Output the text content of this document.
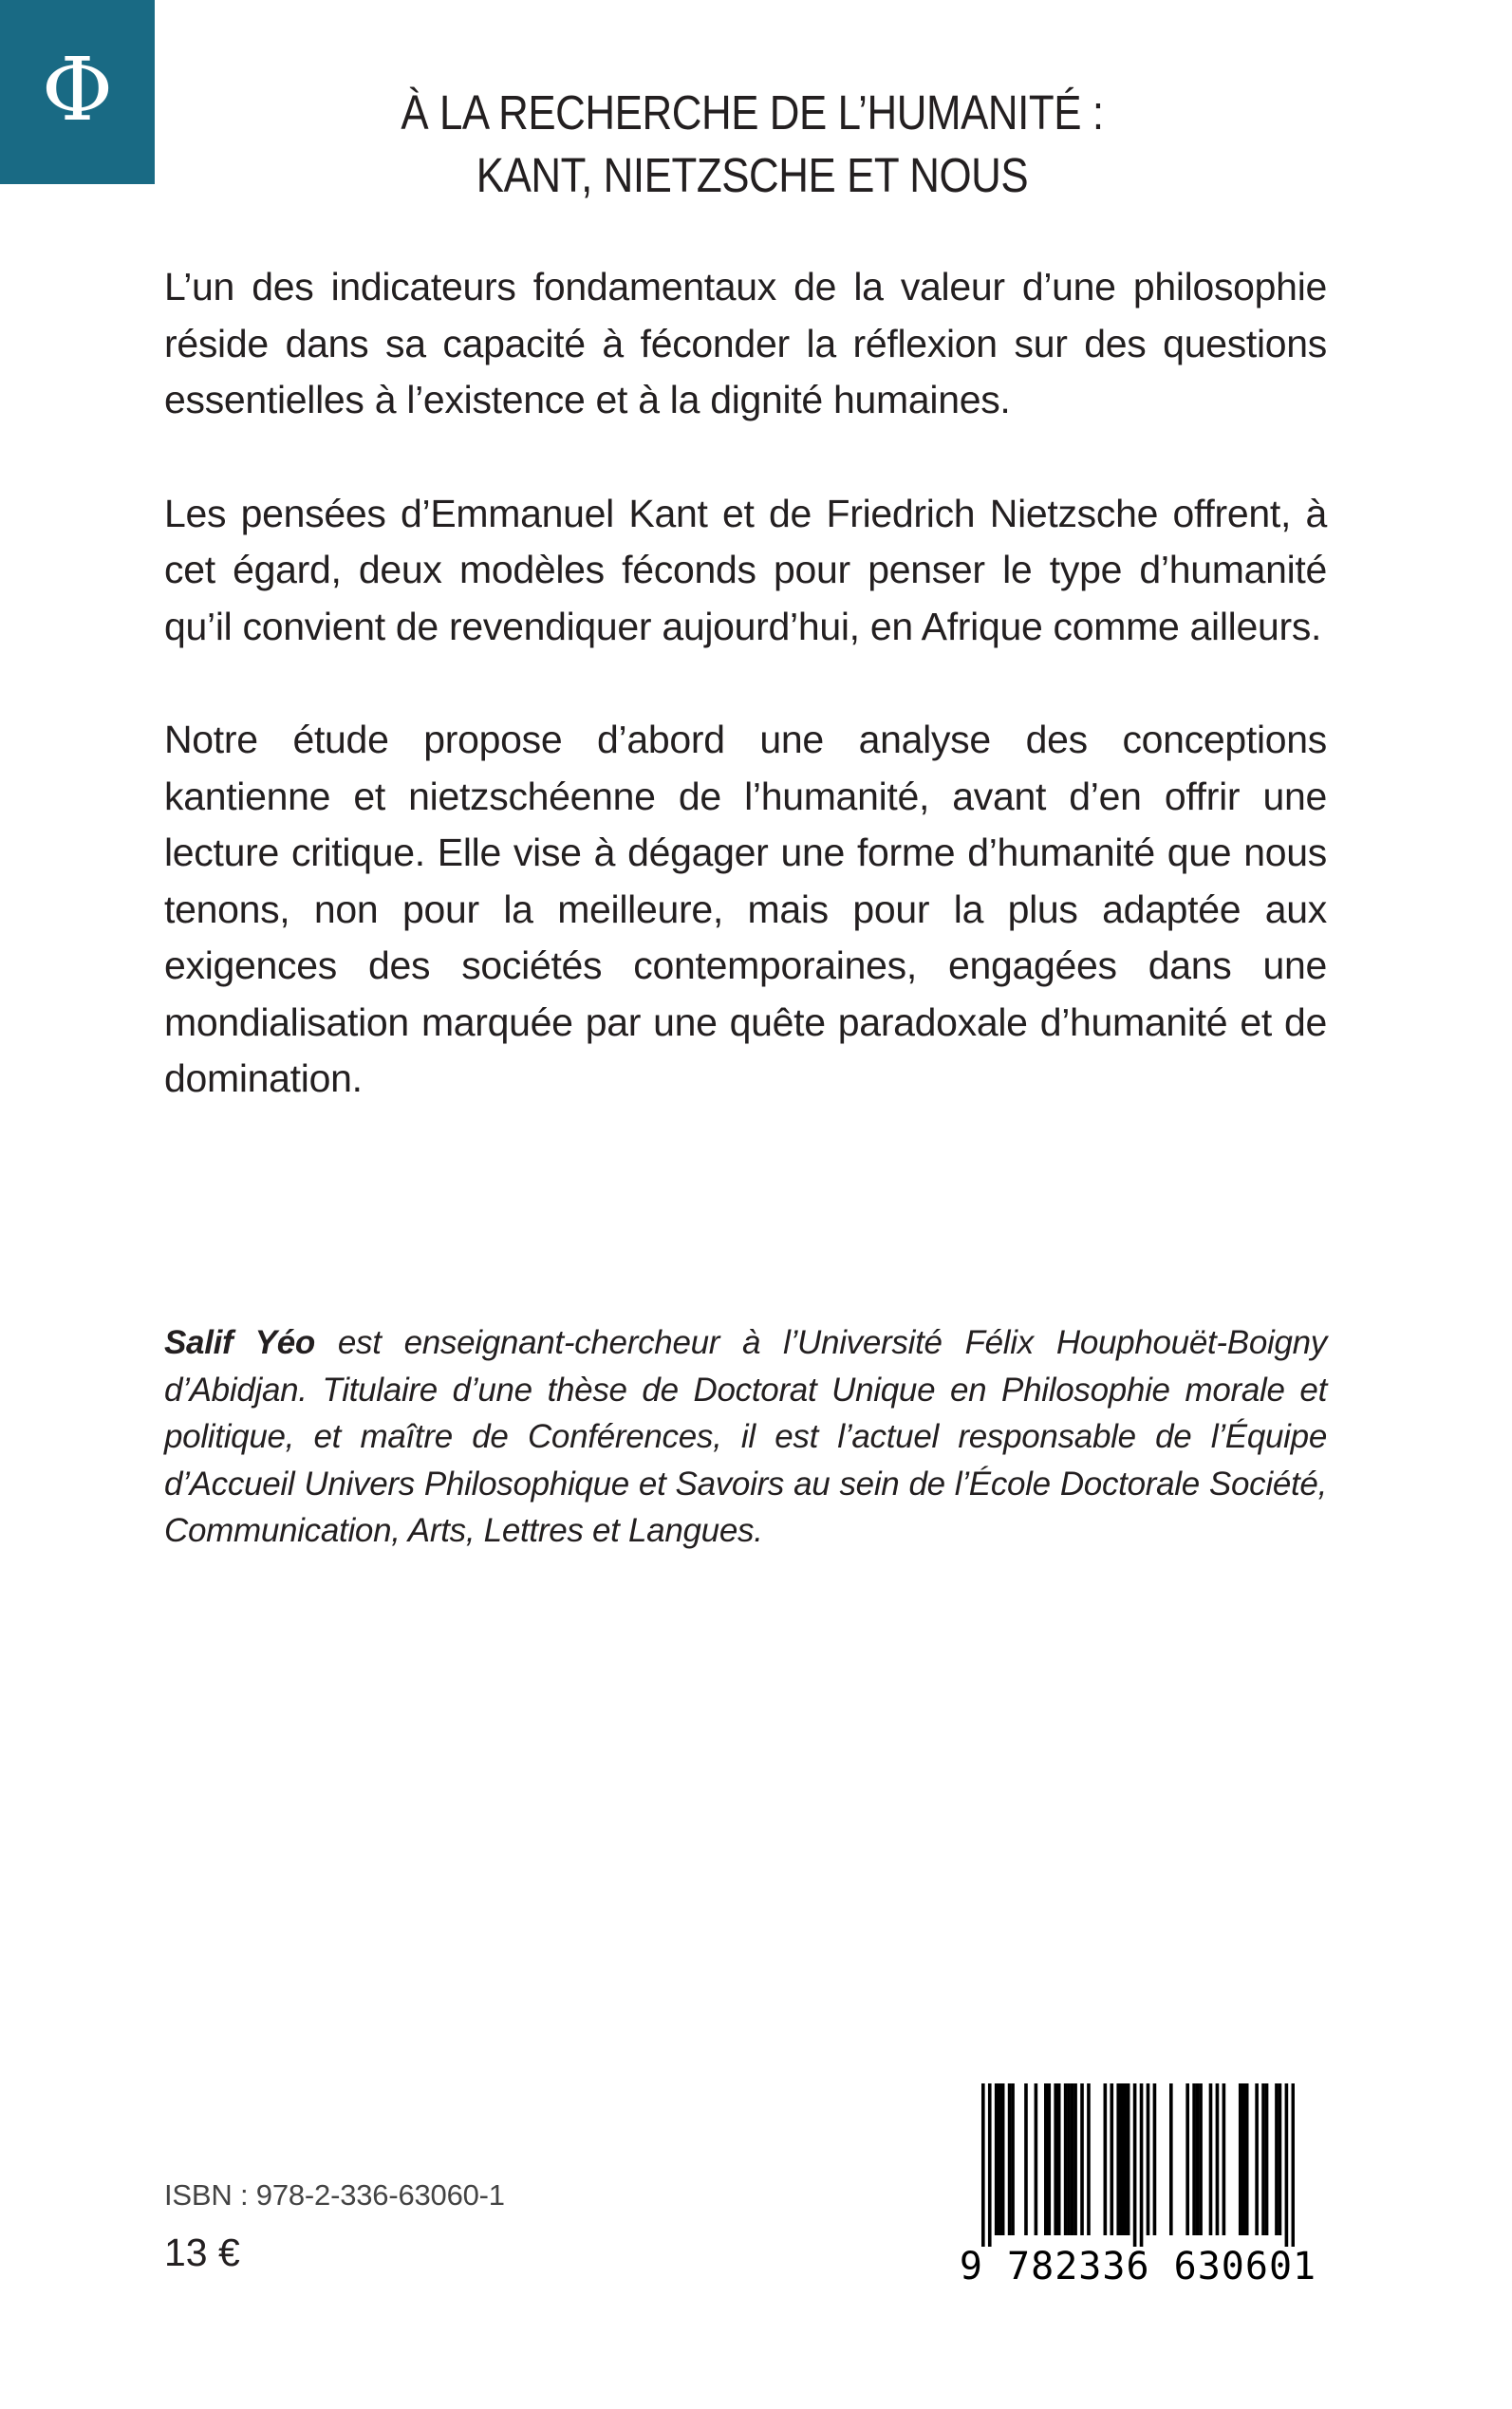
Φ	À LA RECHERCHE DE L’HUMANITÉ :
KANT, NIETZSCHE ET NOUS

L’un des indicateurs fondamentaux de la valeur d’une philosophie réside dans sa capacité à féconder la réflexion sur des questions essentielles à l’existence et à la dignité humaines.

Les pensées d’Emmanuel Kant et de Friedrich Nietzsche offrent, à cet égard, deux modèles féconds pour penser le type d’humanité qu’il convient de revendiquer aujourd’hui, en Afrique comme ailleurs.

Notre étude propose d’abord une analyse des conceptions kantienne et nietzschéenne de l’humanité, avant d’en offrir une lecture critique. Elle vise à dégager une forme d’humanité que nous tenons, non pour la meilleure, mais pour la plus adaptée aux exigences des sociétés contemporaines, engagées dans une mondialisation marquée par une quête paradoxale d’humanité et de domination.

Salif Yéo est enseignant-chercheur à l’Université Félix Houphouët-Boigny d’Abidjan. Titulaire d’une thèse de Doctorat Unique en Philosophie morale et politique, et maître de Conférences, il est l’actuel responsable de l’Équipe d’Accueil Univers Philosophique et Savoirs au sein de l’École Doctorale Société, Communication, Arts, Lettres et Langues.

ISBN : 978-2-336-63060-1
13 €	9 782336 630601
